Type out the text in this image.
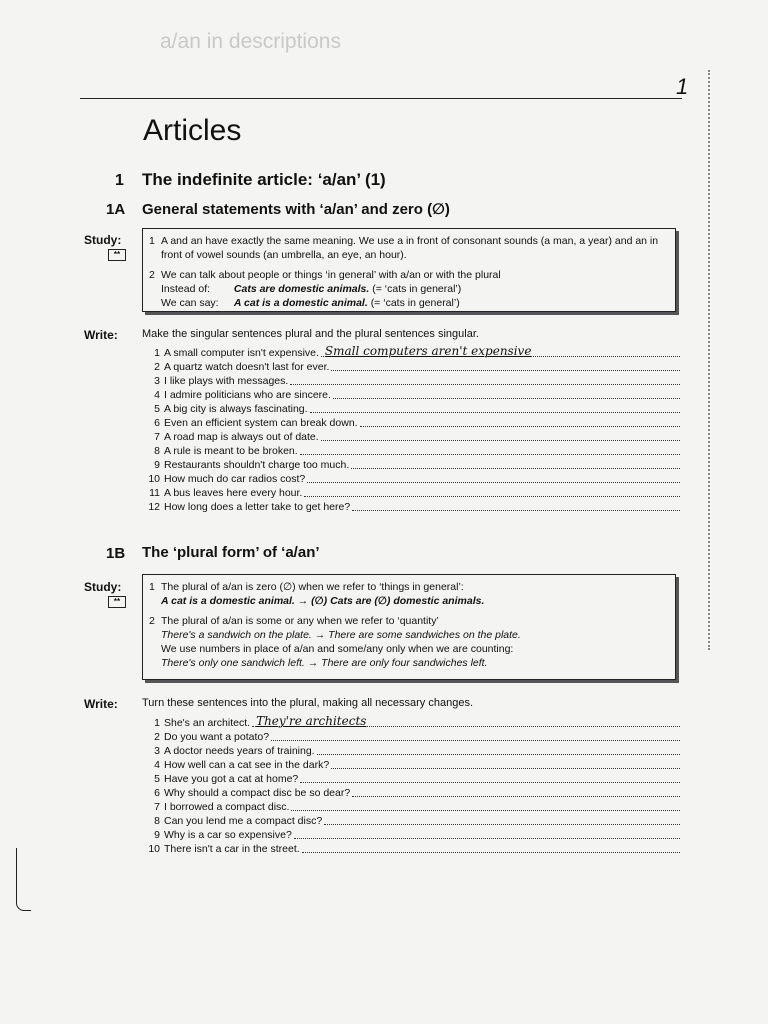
a/an in descriptions
1
Articles
1 The indefinite article: ‘a/an’ (1)
1A General statements with ‘a/an’ and zero (∅)
Study:
**
1 A and an have exactly the same meaning. We use a in front of consonant sounds (a man, a year) and an in front of vowel sounds (an umbrella, an eye, an hour).
2 We can talk about people or things ‘in general’ with a/an or with the plural
Instead of: Cats are domestic animals. (= ‘cats in general’)
We can say: A cat is a domestic animal. (= ‘cats in general’)
Write: Make the singular sentences plural and the plural sentences singular.
1 A small computer isn't expensive. Small computers aren't expensive
2 A quartz watch doesn't last for ever.
3 I like plays with messages.
4 I admire politicians who are sincere.
5 A big city is always fascinating.
6 Even an efficient system can break down.
7 A road map is always out of date.
8 A rule is meant to be broken.
9 Restaurants shouldn't charge too much.
10 How much do car radios cost?
11 A bus leaves here every hour.
12 How long does a letter take to get here?
1B The ‘plural form’ of ‘a/an’
Study:
**
1 The plural of a/an is zero (∅) when we refer to ‘things in general’:
A cat is a domestic animal. → (∅) Cats are (∅) domestic animals.
2 The plural of a/an is some or any when we refer to ‘quantity’
There's a sandwich on the plate. → There are some sandwiches on the plate.
We use numbers in place of a/an and some/any only when we are counting:
There's only one sandwich left. → There are only four sandwiches left.
Write: Turn these sentences into the plural, making all necessary changes.
1 She's an architect. They're architects
2 Do you want a potato?
3 A doctor needs years of training.
4 How well can a cat see in the dark?
5 Have you got a cat at home?
6 Why should a compact disc be so dear?
7 I borrowed a compact disc.
8 Can you lend me a compact disc?
9 Why is a car so expensive?
10 There isn't a car in the street.
